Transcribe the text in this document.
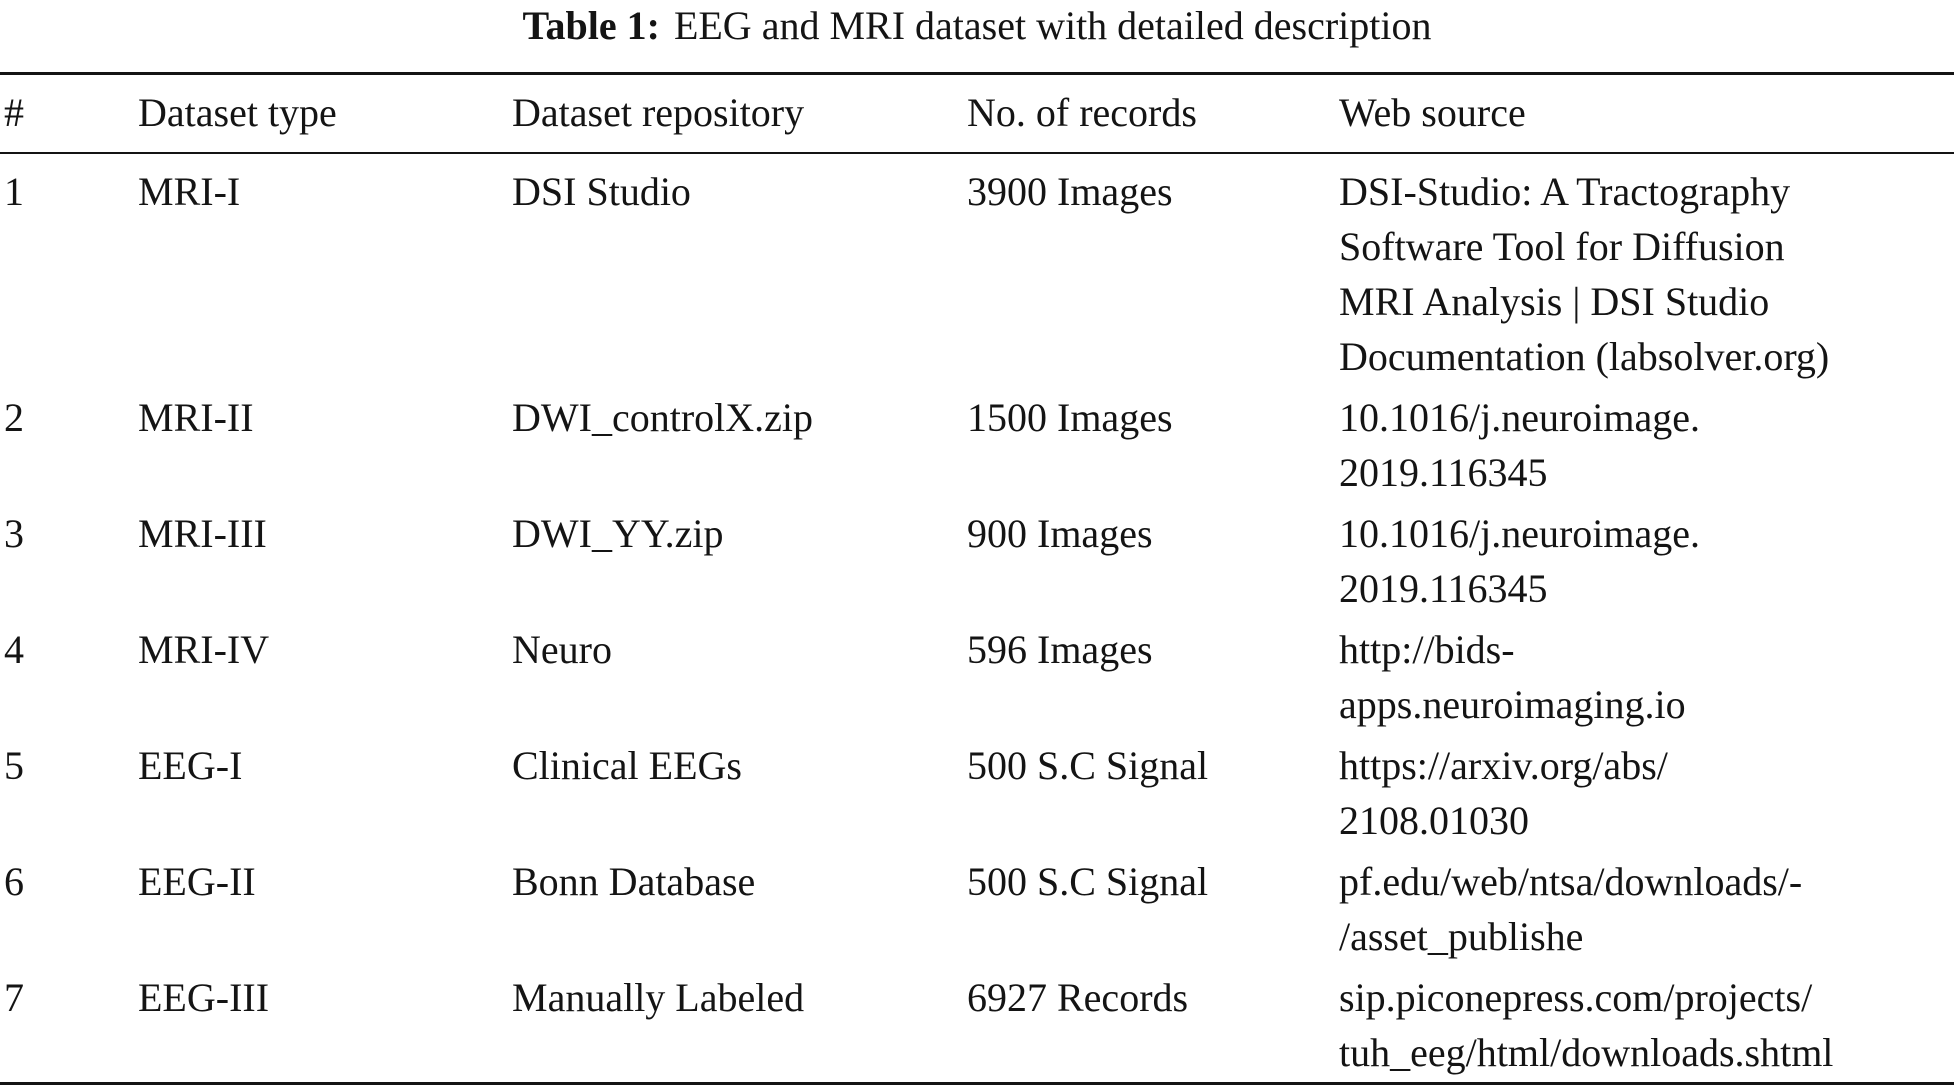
Table 1: EEG and MRI dataset with detailed description
#	Dataset type	Dataset repository	No. of records	Web source
1	MRI-I	DSI Studio	3900 Images	DSI-Studio: A Tractography
Software Tool for Diffusion
MRI Analysis | DSI Studio
Documentation (labsolver.org)
2	MRI-II	DWI_controlX.zip	1500 Images	10.1016/j.neuroimage.
2019.116345
3	MRI-III	DWI_YY.zip	900 Images	10.1016/j.neuroimage.
2019.116345
4	MRI-IV	Neuro	596 Images	http://bids-
apps.neuroimaging.io
5	EEG-I	Clinical EEGs	500 S.C Signal	https://arxiv.org/abs/
2108.01030
6	EEG-II	Bonn Database	500 S.C Signal	pf.edu/web/ntsa/downloads/-
/asset_publishe
7	EEG-III	Manually Labeled	6927 Records	sip.piconepress.com/projects/
tuh_eeg/html/downloads.shtml
